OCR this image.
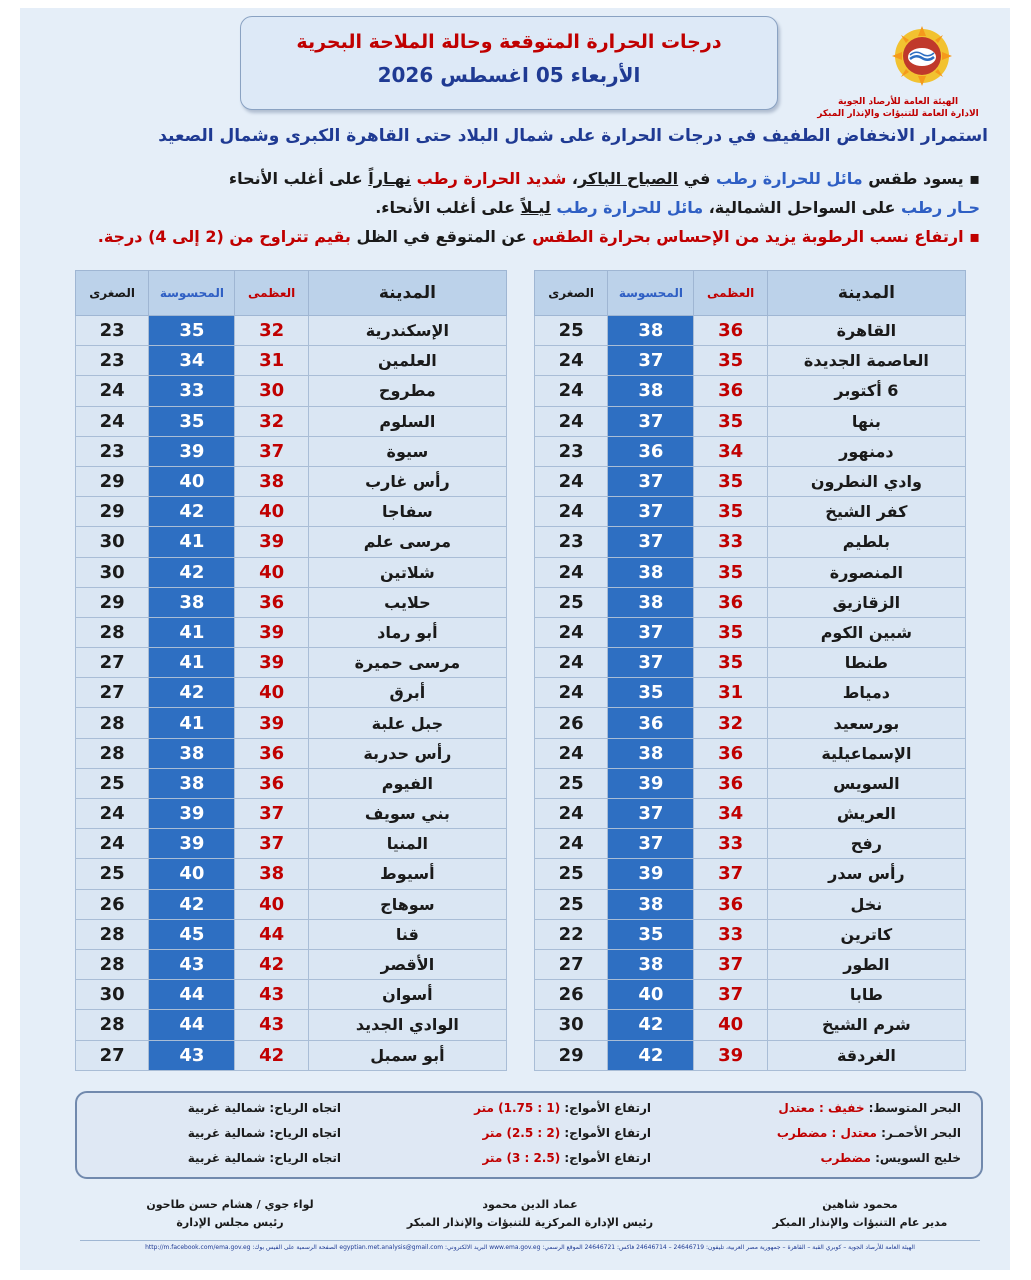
الهيئة العامة للأرصاد الجوية
الادارة العامة للتنبؤات والإنذار المبكر
درجات الحرارة المتوقعة وحالة الملاحة البحرية
الأربعاء 05 اغسطس 2026
استمرار الانخفاض الطفيف في درجات الحرارة على شمال البلاد حتى القاهرة الكبرى وشمال الصعيد
▪ يسود طقس مائل للحرارة رطب في الصباح الباكر، شديد الحرارة رطب نهـاراً على أغلب الأنحاء
حـار رطب على السواحل الشمالية، مائل للحرارة رطب ليـلاً على أغلب الأنحاء.
▪ ارتفاع نسب الرطوبة يزيد من الإحساس بحرارة الطقس عن المتوقع في الظل بقيم تتراوح من (2 إلى 4) درجة.
المدينة	العظمى	المحسوسة	الصغرى
القاهرة	36	38	25
العاصمة الجديدة	35	37	24
6 أكتوبر	36	38	24
بنها	35	37	24
دمنهور	34	36	23
وادي النطرون	35	37	24
كفر الشيخ	35	37	24
بلطيم	33	37	23
المنصورة	35	38	24
الزقازيق	36	38	25
شبين الكوم	35	37	24
طنطا	35	37	24
دمياط	31	35	24
بورسعيد	32	36	26
الإسماعيلية	36	38	24
السويس	36	39	25
العريش	34	37	24
رفح	33	37	24
رأس سدر	37	39	25
نخل	36	38	25
كاترين	33	35	22
الطور	37	38	27
طابا	37	40	26
شرم الشيخ	40	42	30
الغردقة	39	42	29
المدينة	العظمى	المحسوسة	الصغرى
الإسكندرية	32	35	23
العلمين	31	34	23
مطروح	30	33	24
السلوم	32	35	24
سيوة	37	39	23
رأس غارب	38	40	29
سفاجا	40	42	29
مرسى علم	39	41	30
شلاتين	40	42	30
حلايب	36	38	29
أبو رماد	39	41	28
مرسى حميرة	39	41	27
أبرق	40	42	27
جبل علبة	39	41	28
رأس حدربة	36	38	28
الفيوم	36	38	25
بني سويف	37	39	24
المنيا	37	39	24
أسيوط	38	40	25
سوهاج	40	42	26
قنا	44	45	28
الأقصر	42	43	28
أسوان	43	44	30
الوادي الجديد	43	44	28
أبو سمبل	42	43	27
البحر المتوسط: خفيف : معتدل
ارتفاع الأمواج: (1 : 1.75) متر
اتجاه الرياح: شمالية غربية
البحر الأحمـر: معتدل : مضطرب
ارتفاع الأمواج: (2 : 2.5) متر
اتجاه الرياح: شمالية غربية
خليج السويس: مضطرب
ارتفاع الأمواج: (2.5 : 3) متر
اتجاه الرياح: شمالية غربية
محمود شاهين
مدير عام التنبؤات والإنذار المبكر
عماد الدين محمود
رئيس الإدارة المركزية للتنبؤات والإنذار المبكر
لواء جوي / هشام حسن طاحون
رئيس مجلس الإدارة
الهيئة العامة للأرصاد الجوية – كوبري القبة – القاهرة – جمهورية مصر العربية، تليفون: 24646719 – 24646714 فاكس: 24646721 الموقع الرسمي: www.ema.gov.eg البريد الالكتروني: egyptian.met.analysis@gmail.com الصفحة الرسمية على الفيس بوك: http://m.facebook.com/ema.gov.eg
